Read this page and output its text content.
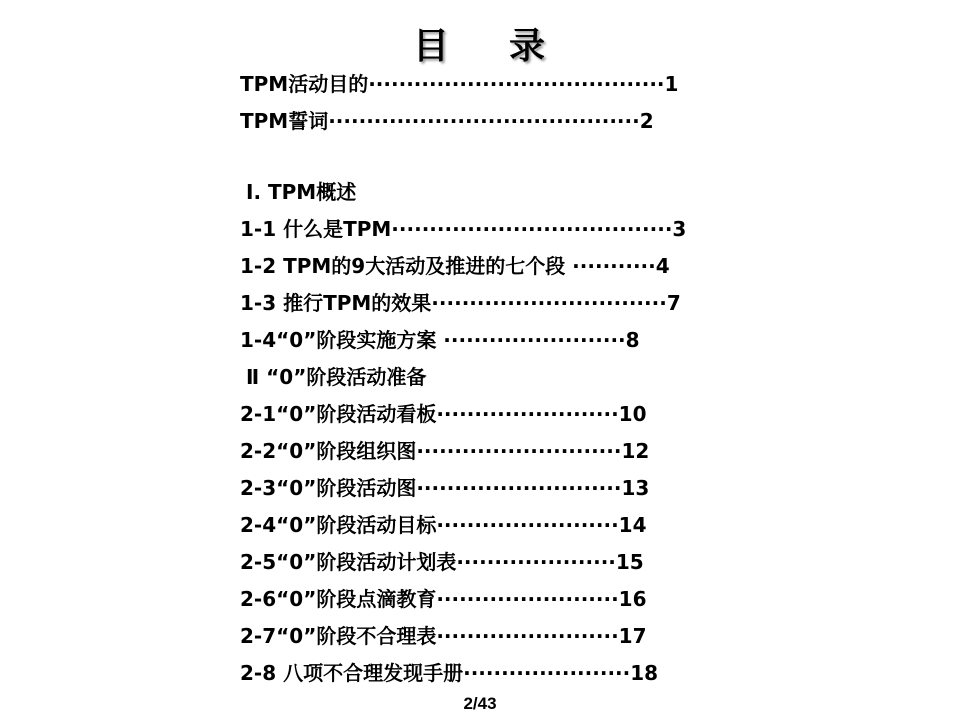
目    录
TPM活动目的·······································1
TPM誓词·········································2
Ⅰ. TPM概述
1-1 什么是TPM·····································3
1-2 TPM的9大活动及推进的七个段 ···········4
1-3 推行TPM的效果·······························7
1-4“0”阶段实施方案 ························8
Ⅱ “0”阶段活动准备
2-1“0”阶段活动看板························10
2-2“0”阶段组织图···························12
2-3“0”阶段活动图···························13
2-4“0”阶段活动目标························14
2-5“0”阶段活动计划表·····················15
2-6“0”阶段点滴教育························16
2-7“0”阶段不合理表························17
2-8 八项不合理发现手册······················18
2/43
